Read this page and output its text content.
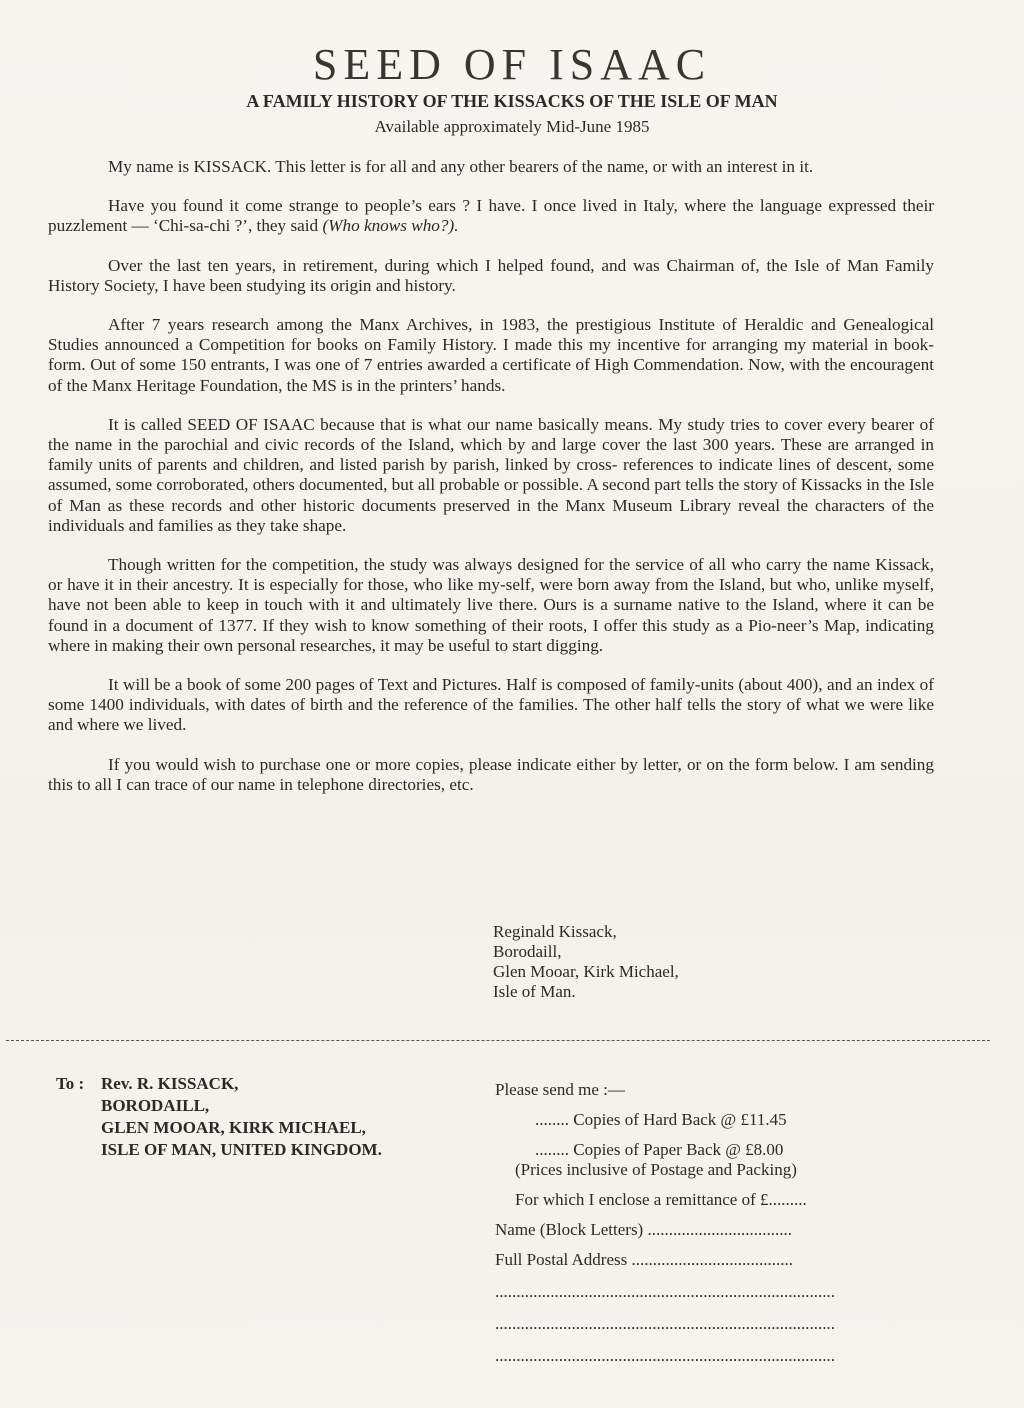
SEED OF ISAAC
A FAMILY HISTORY OF THE KISSACKS OF THE ISLE OF MAN
Available approximately Mid-June 1985

My name is KISSACK. This letter is for all and any other bearers of the name, or with an interest in it.

Have you found it come strange to people’s ears ? I have. I once lived in Italy, where the language expressed their puzzlement — ‘Chi-sa-chi ?’, they said (Who knows who?).

Over the last ten years, in retirement, during which I helped found, and was Chairman of, the Isle of Man Family History Society, I have been studying its origin and history.

After 7 years research among the Manx Archives, in 1983, the prestigious Institute of Heraldic and Genealogical Studies announced a Competition for books on Family History. I made this my incentive for arranging my material in book-form. Out of some 150 entrants, I was one of 7 entries awarded a certificate of High Commendation. Now, with the encouragent of the Manx Heritage Foundation, the MS is in the printers’ hands.

It is called SEED OF ISAAC because that is what our name basically means. My study tries to cover every bearer of the name in the parochial and civic records of the Island, which by and large cover the last 300 years. These are arranged in family units of parents and children, and listed parish by parish, linked by cross- references to indicate lines of descent, some assumed, some corroborated, others documented, but all probable or possible. A second part tells the story of Kissacks in the Isle of Man as these records and other historic documents preserved in the Manx Museum Library reveal the characters of the individuals and families as they take shape.

Though written for the competition, the study was always designed for the service of all who carry the name Kissack, or have it in their ancestry. It is especially for those, who like my-self, were born away from the Island, but who, unlike myself, have not been able to keep in touch with it and ultimately live there. Ours is a surname native to the Island, where it can be found in a document of 1377. If they wish to know something of their roots, I offer this study as a Pio-neer’s Map, indicating where in making their own personal researches, it may be useful to start digging.

It will be a book of some 200 pages of Text and Pictures. Half is composed of family-units (about 400), and an index of some 1400 individuals, with dates of birth and the reference of the families. The other half tells the story of what we were like and where we lived.

If you would wish to purchase one or more copies, please indicate either by letter, or on the form below. I am sending this to all I can trace of our name in telephone directories, etc.

Reginald Kissack,
Borodaill,
Glen Mooar, Kirk Michael,
Isle of Man.
To : Rev. R. KISSACK,
BORODAILL,
GLEN MOOAR, KIRK MICHAEL,
ISLE OF MAN, UNITED KINGDOM.
Please send me :—
........ Copies of Hard Back @ £11.45
........ Copies of Paper Back @ £8.00
(Prices inclusive of Postage and Packing)
For which I enclose a remittance of £.........
Name (Block Letters) ..................................
Full Postal Address ......................................
................................................................................
................................................................................
................................................................................
